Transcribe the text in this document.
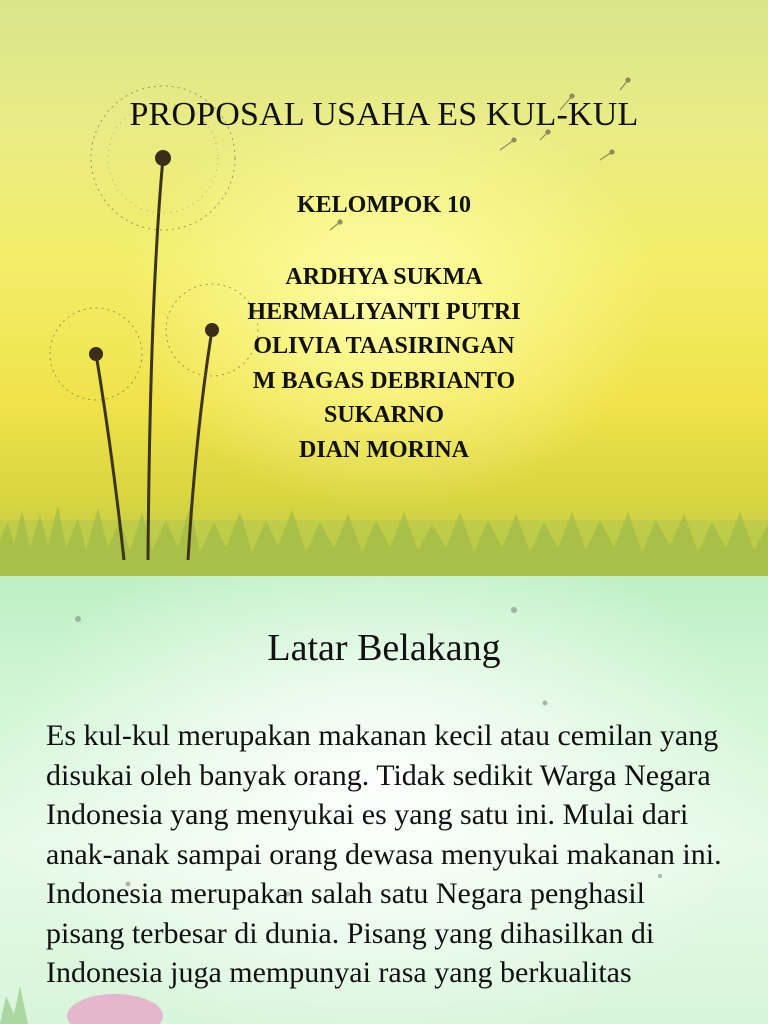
PROPOSAL USAHA ES KUL-KUL
KELOMPOK 10
ARDHYA SUKMA
HERMALIYANTI PUTRI
OLIVIA TAASIRINGAN
M BAGAS DEBRIANTO
SUKARNO
DIAN MORINA
Latar Belakang

Es kul-kul merupakan makanan kecil atau cemilan yang disukai oleh banyak orang. Tidak sedikit Warga Negara Indonesia yang menyukai es yang satu ini. Mulai dari anak-anak sampai orang dewasa menyukai makanan ini. Indonesia merupakan salah satu Negara penghasil pisang terbesar di dunia. Pisang yang dihasilkan di Indonesia juga mempunyai rasa yang berkualitas
